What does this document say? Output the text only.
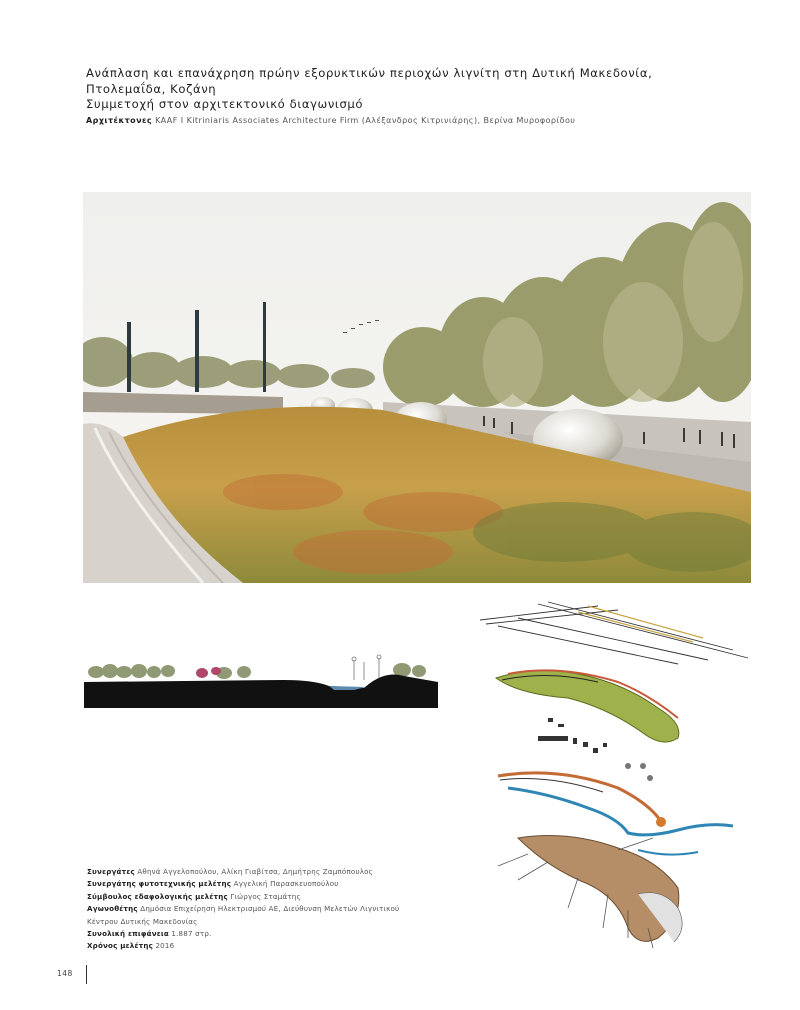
Ανάπλαση και επανάχρηση πρώην εξορυκτικών περιοχών λιγνίτη στη Δυτική Μακεδονία,
Πτολεμαΐδα, Κοζάνη
Συμμετοχή στον αρχιτεκτονικό διαγωνισμό
Αρχιτέκτονες KAAF I Kitriniaris Associates Architecture Firm (Αλέξανδρος Κιτρινιάρης), Βερίνα Μυροφορίδου
Συνεργάτες Αθηνά Αγγελοπούλου, Αλίκη Γιαβίτσα, Δημήτρης Ζαμπόπουλος
Συνεργάτης φυτοτεχνικής μελέτης Αγγελική Παρασκευοπούλου
Σύμβουλος εδαφολογικής μελέτης Γιώργος Σταμάτης
Αγωνοθέτης Δημόσια Επιχείρηση Ηλεκτρισμού ΑΕ, Διεύθυνση Μελετών Λιγνιτικού
Κέντρου Δυτικής Μακεδονίας
Συνολική επιφάνεια 1.887 στρ.
Χρόνος μελέτης 2016
148
